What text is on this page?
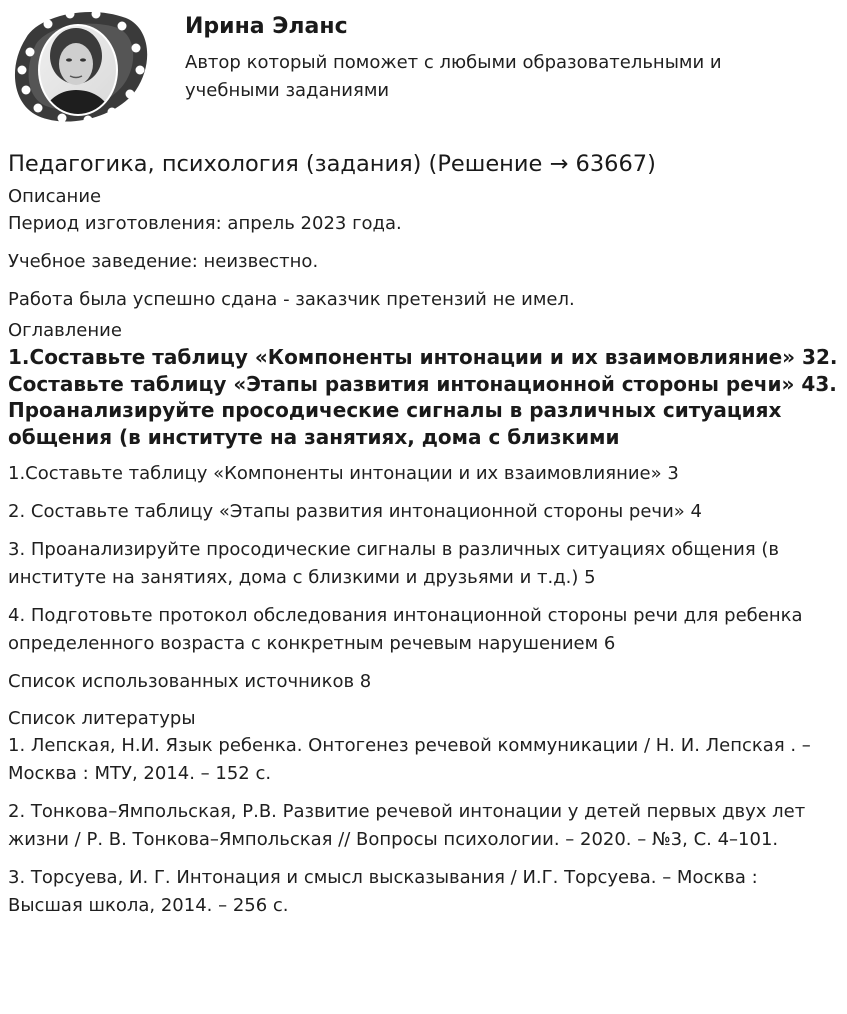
Ирина Эланс
Автор который поможет с любыми образовательными и учебными заданиями
Педагогика, психология (задания) (Решение → 63667)

Описание

Период изготовления: апрель 2023 года.

Учебное заведение: неизвестно.

Работа была успешно сдана - заказчик претензий не имел.

Оглавление

1.Составьте таблицу «Компоненты интонации и их взаимовлияние» 32. Составьте таблицу «Этапы развития интонационной стороны речи» 43. Проанализируйте просодические сигналы в различных ситуациях общения (в институте на занятиях, дома с близкими

1.Составьте таблицу «Компоненты интонации и их взаимовлияние» 3

2. Составьте таблицу «Этапы развития интонационной стороны речи» 4

3. Проанализируйте просодические сигналы в различных ситуациях общения (в институте на занятиях, дома с близкими и друзьями и т.д.) 5

4. Подготовьте протокол обследования интонационной стороны речи для ребенка определенного возраста с конкретным речевым нарушением 6

Список использованных источников 8

Список литературы

1. Лепская, Н.И. Язык ребенка. Онтогенез речевой коммуникации / Н. И. Лепская . – Москва : МТУ, 2014. – 152 с.

2. Тонкова–Ямпольская, Р.В. Развитие речевой интонации у детей первых двух лет жизни / Р. В. Тонкова–Ямпольская // Вопросы психологии. – 2020. – №3, С. 4–101.

3. Торсуева, И. Г. Интонация и смысл высказывания / И.Г. Торсуева. – Москва : Высшая школа, 2014. – 256 с.
